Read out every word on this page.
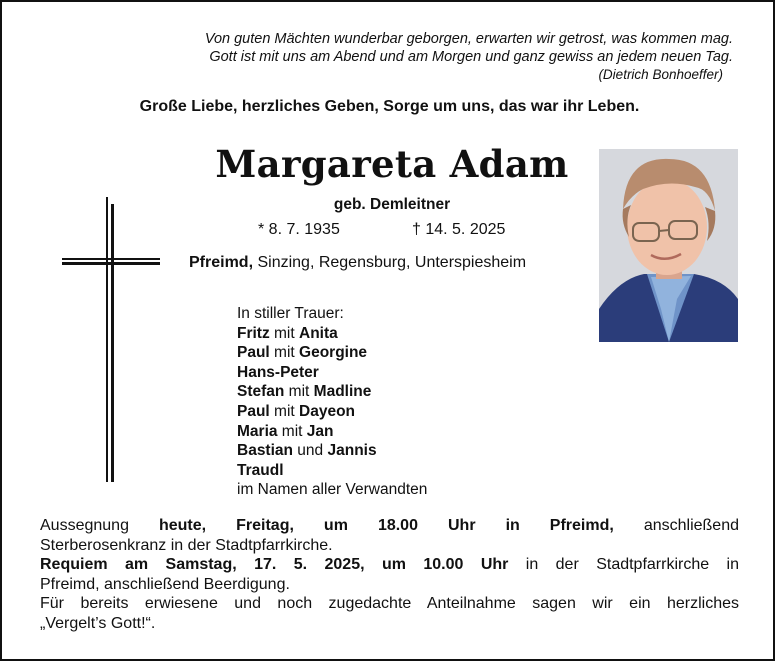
Von guten Mächten wunderbar geborgen, erwarten wir getrost, was kommen mag.
Gott ist mit uns am Abend und am Morgen und ganz gewiss an jedem neuen Tag.
(Dietrich Bonhoeffer)
Große Liebe, herzliches Geben, Sorge um uns, das war ihr Leben.
Margareta Adam
geb. Demleitner
* 8. 7. 1935	† 14. 5. 2025
Pfreimd, Sinzing, Regensburg, Unterspiesheim
In stiller Trauer:
Fritz mit Anita
Paul mit Georgine
Hans-Peter
Stefan mit Madline
Paul mit Dayeon
Maria mit Jan
Bastian und Jannis
Traudl
im Namen aller Verwandten

Aussegnung heute, Freitag, um 18.00 Uhr in Pfreimd, anschließend

Sterberosenkranz in der Stadtpfarrkirche.

Requiem am Samstag, 17. 5. 2025, um 10.00 Uhr in der Stadtpfarrkirche in

Pfreimd, anschließend Beerdigung.

Für bereits erwiesene und noch zugedachte Anteilnahme sagen wir ein herzliches

„Vergelt’s Gott!“.
